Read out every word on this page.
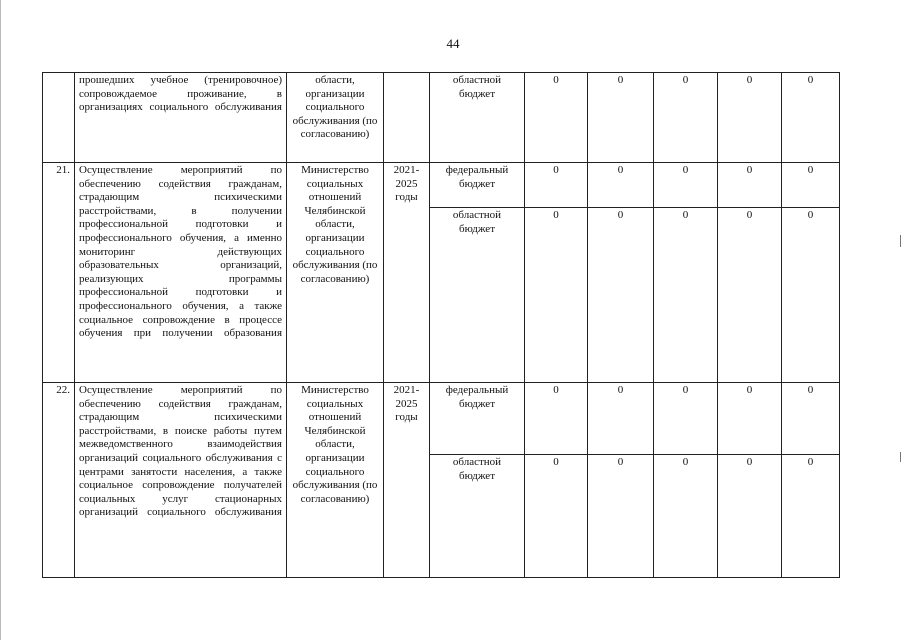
44
	прошедших учебное (тренировочное) сопровождаемое проживание, в организациях социального обслуживания	области, организации социального обслуживания (по согласованию)		областной бюджет	0	0	0	0	0
21.	Осуществление мероприятий по обеспечению содействия гражданам, страдающим психическими расстройствами, в получении профессиональной подготовки и профессионального обучения, а именно мониторинг действующих образовательных организаций, реализующих программы профессиональной подготовки и профессионального обучения, а также социальное сопровождение в процессе обучения при получении образования	Министерство социальных отношений Челябинской области, организации социального обслуживания (по согласованию)	2021-2025 годы	федеральный бюджет	0	0	0	0	0
				областной бюджет	0	0	0	0	0
22.	Осуществление мероприятий по обеспечению содействия гражданам, страдающим психическими расстройствами, в поиске работы путем межведомственного взаимодействия организаций социального обслуживания с центрами занятости населения, а также социальное сопровождение получателей социальных услуг стационарных организаций социального обслуживания	Министерство социальных отношений Челябинской области, организации социального обслуживания (по согласованию)	2021-2025 годы	федеральный бюджет	0	0	0	0	0
				областной бюджет	0	0	0	0	0
